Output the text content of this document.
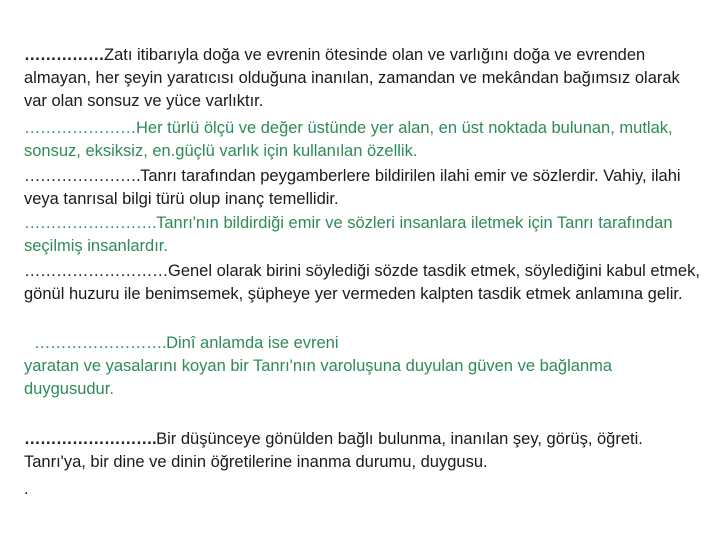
……………Zatı itibarıyla doğa ve evrenin ötesinde olan ve varlığını doğa ve evrenden almayan, her şeyin yaratıcısı olduğuna inanılan, zamandan ve mekândan bağımsız olarak var olan sonsuz ve yüce varlıktır.

…………………Her türlü ölçü ve değer üstünde yer alan, en üst noktada bulunan, mutlak, sonsuz, eksiksiz, en.güçlü varlık için kullanılan özellik.

………………….Tanrı tarafından peygamberlere bildirilen ilahi emir ve sözlerdir. Vahiy, ilahi veya tanrısal bilgi türü olup inanç temellidir.

…………………….Tanrı'nın bildirdiği emir ve sözleri insanlara iletmek için Tanrı tarafından seçilmiş insanlardır.

………………………Genel olarak birini söylediği sözde tasdik etmek, söylediğini kabul etmek, gönül huzuru ile benimsemek, şüpheye yer vermeden kalpten tasdik etmek anlamına gelir.

…………………….Dinî anlamda ise evreni
yaratan ve yasalarını koyan bir Tanrı'nın varoluşuna duyulan güven ve bağlanma duygusudur.

…………………….Bir düşünceye gönülden bağlı bulunma, inanılan şey, görüş, öğreti. Tanrı'ya, bir dine ve dinin öğretilerine inanma durumu, duygusu.

.
